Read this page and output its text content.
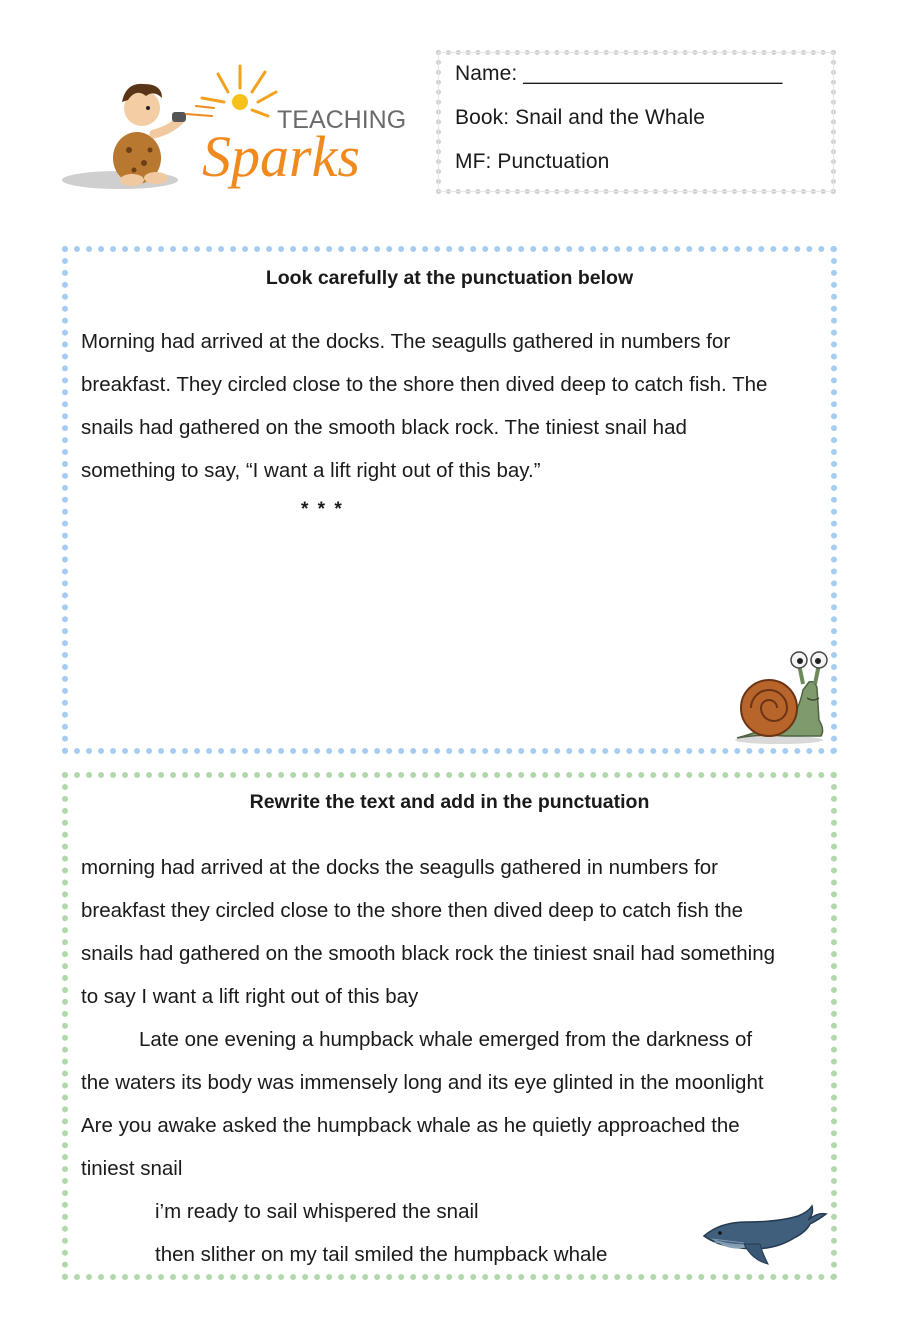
TEACHING
Sparks
Name: ______________________
Book: Snail and the Whale
MF: Punctuation
Look carefully at the punctuation below
Morning had arrived at the docks. The seagulls gathered in numbers for
breakfast. They circled close to the shore then dived deep to catch fish. The
snails had gathered on the smooth black rock. The tiniest snail had
something to say, “I want a lift right out of this bay.”
* * *
Rewrite the text and add in the punctuation
morning had arrived at the docks the seagulls gathered in numbers for
breakfast they circled close to the shore then dived deep to catch fish the
snails had gathered on the smooth black rock the tiniest snail had something
to say I want a lift right out of this bay
Late one evening a humpback whale emerged from the darkness of
the waters its body was immensely long and its eye glinted in the moonlight
Are you awake asked the humpback whale as he quietly approached the
tiniest snail
i’m ready to sail whispered the snail
then slither on my tail smiled the humpback whale
